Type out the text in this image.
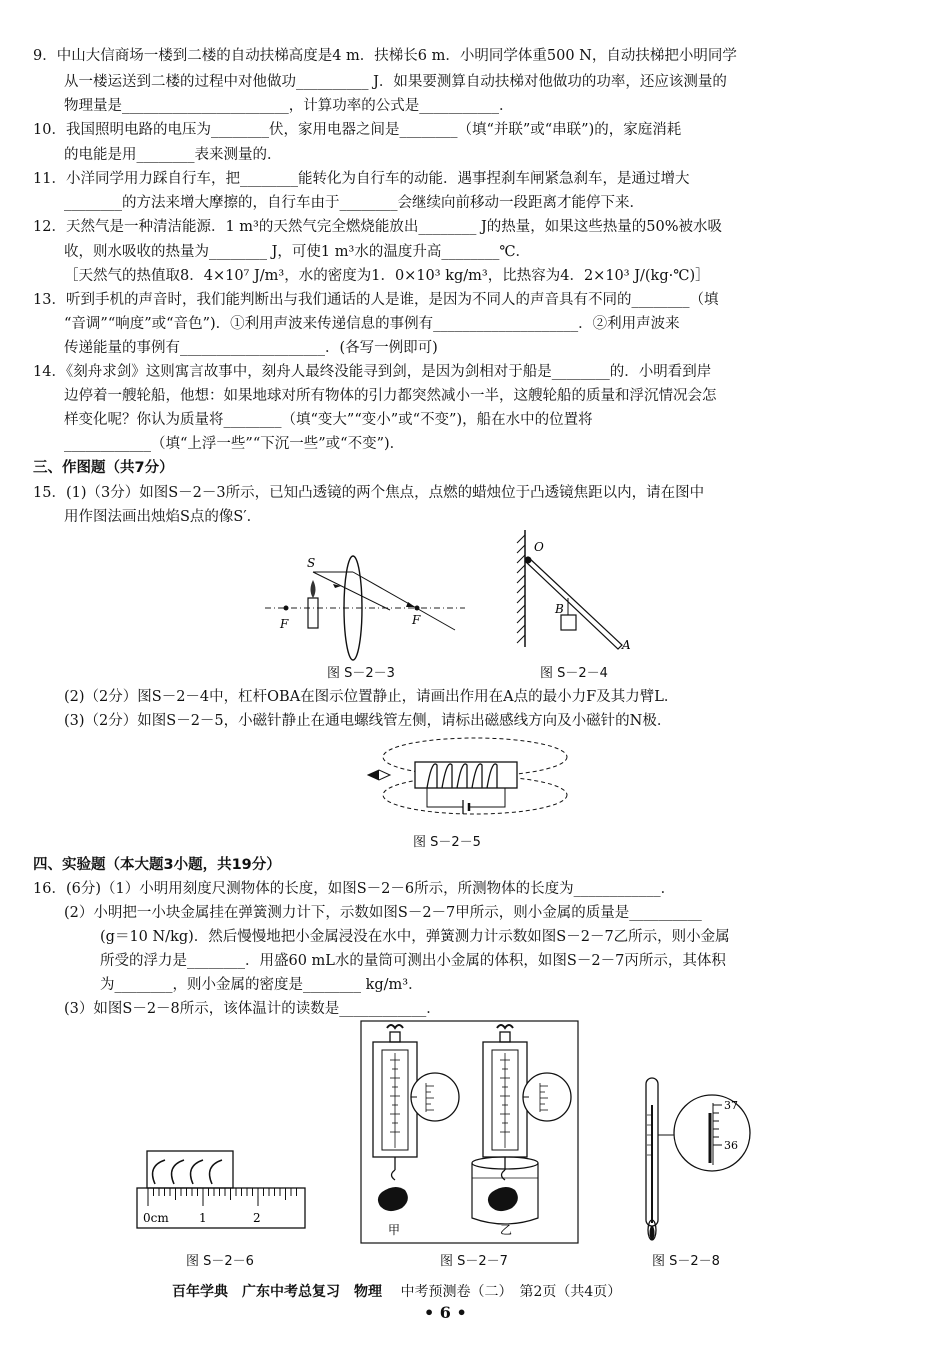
9．中山大信商场一楼到二楼的自动扶梯高度是4 m．扶梯长6 m．小明同学体重500 N，自动扶梯把小明同学
从一楼运送到二楼的过程中对他做功__________ J．如果要测算自动扶梯对他做功的功率，还应该测量的
物理量是_______________________，计算功率的公式是___________．
10．我国照明电路的电压为________伏，家用电器之间是________（填“并联”或“串联”)的，家庭消耗
的电能是用________表来测量的．
11．小洋同学用力踩自行车，把________能转化为自行车的动能．遇事捏刹车闸紧急刹车，是通过增大
________的方法来增大摩擦的，自行车由于________会继续向前移动一段距离才能停下来．
12．天然气是一种清洁能源．1 m³的天然气完全燃烧能放出________ J的热量，如果这些热量的50%被水吸
收，则水吸收的热量为________ J，可使1 m³水的温度升高________℃．
［天然气的热值取8．4×10⁷ J/m³，水的密度为1．0×10³ kg/m³，比热容为4．2×10³ J/(kg·℃)］
13．听到手机的声音时，我们能判断出与我们通话的人是谁，是因为不同人的声音具有不同的________（填
“音调”“响度”或“音色”)．①利用声波来传递信息的事例有____________________．②利用声波来
传递能量的事例有____________________．(各写一例即可)
14．《刻舟求剑》这则寓言故事中，刻舟人最终没能寻到剑，是因为剑相对于船是________的．小明看到岸
边停着一艘轮船，他想：如果地球对所有物体的引力都突然减小一半，这艘轮船的质量和浮沉情况会怎
样变化呢？你认为质量将________（填“变大”“变小”或“不变”)，船在水中的位置将
____________（填“上浮一些”“下沉一些”或“不变”)．
三、作图题（共7分）
15．(1)（3分）如图S－2－3所示，已知凸透镜的两个焦点，点燃的蜡烛位于凸透镜焦距以内，请在图中
用作图法画出烛焰S点的像S′．
(2)（2分）图S－2－4中，杠杆OBA在图示位置静止，请画出作用在A点的最小力F及其力臂L．
(3)（2分）如图S－2－5，小磁针静止在通电螺线管左侧，请标出磁感线方向及小磁针的N极．
四、实验题（本大题3小题，共19分）
16．(6分)（1）小明用刻度尺测物体的长度，如图S－2－6所示，所测物体的长度为____________．
(2）小明把一小块金属挂在弹簧测力计下，示数如图S－2－7甲所示，则小金属的质量是__________
(g＝10 N/kg)．然后慢慢地把小金属浸没在水中，弹簧测力计示数如图S－2－7乙所示，则小金属
所受的浮力是________．用盛60 mL水的量筒可测出小金属的体积，如图S－2－7丙所示，其体积
为________，则小金属的密度是________ kg/m³．
(3）如图S－2－8所示，该体温计的读数是____________．
S
F	F
图 S－2－3
O
B
A
图 S－2－4
图 S－2－5
0cm	1	2
图 S－2－6
甲	乙
图 S－2－7
37
36
图 S－2－8
百年学典　广东中考总复习　物理 中考预测卷（二）　第2页（共4页）
• 6 •
